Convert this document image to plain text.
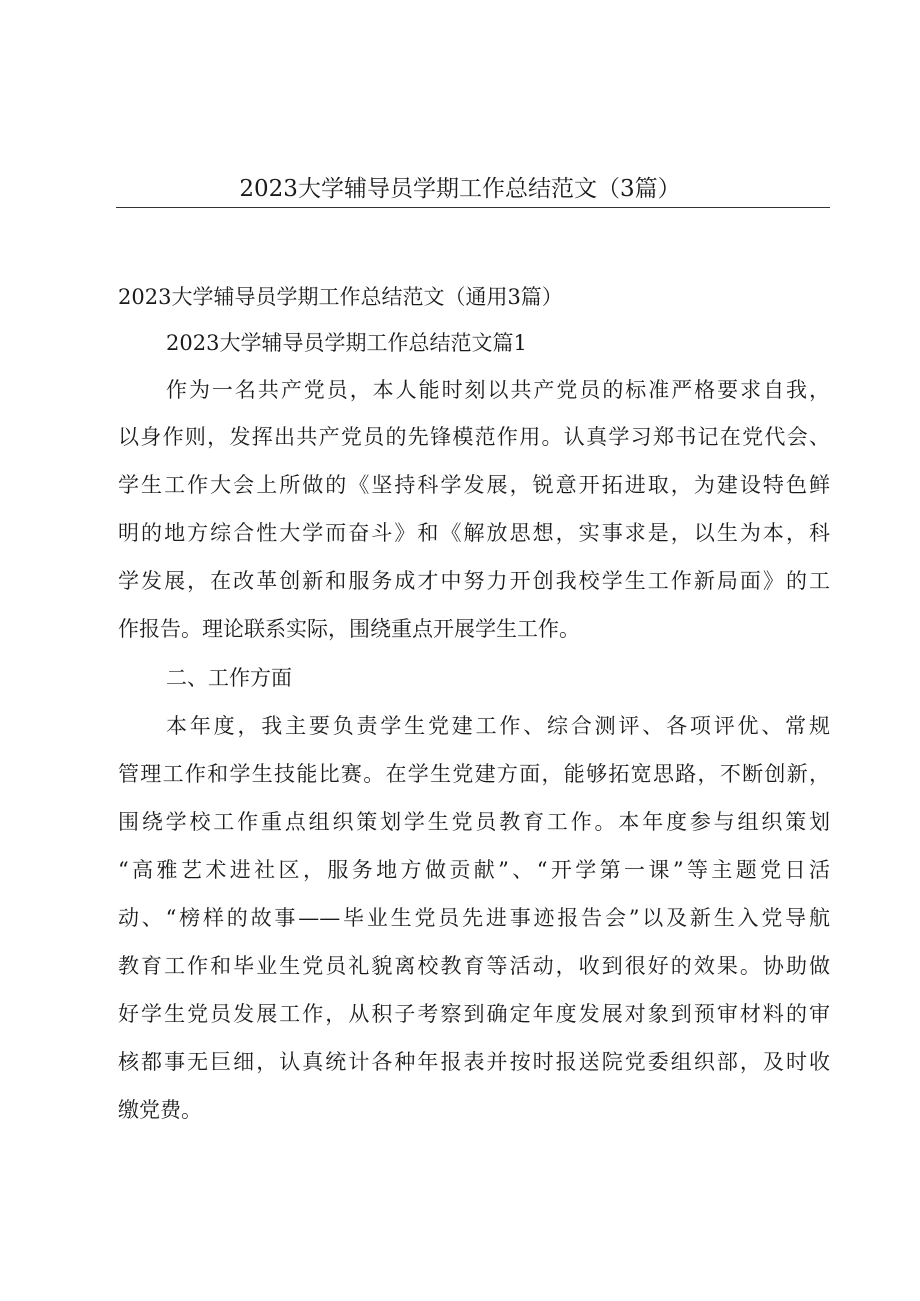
2023大学辅导员学期工作总结范文（3篇）
2023大学辅导员学期工作总结范文（通用3篇）
2023大学辅导员学期工作总结范文篇1
作为一名共产党员，本人能时刻以共产党员的标准严格要求自我，
以身作则，发挥出共产党员的先锋模范作用。认真学习郑书记在党代会、
学生工作大会上所做的《坚持科学发展，锐意开拓进取，为建设特色鲜
明的地方综合性大学而奋斗》和《解放思想，实事求是，以生为本，科
学发展，在改革创新和服务成才中努力开创我校学生工作新局面》的工
作报告。理论联系实际，围绕重点开展学生工作。
二、工作方面
本年度，我主要负责学生党建工作、综合测评、各项评优、常规
管理工作和学生技能比赛。在学生党建方面，能够拓宽思路，不断创新，
围绕学校工作重点组织策划学生党员教育工作。本年度参与组织策划
“高雅艺术进社区，服务地方做贡献”、“开学第一课”等主题党日活
动、“榜样的故事——毕业生党员先进事迹报告会”以及新生入党导航
教育工作和毕业生党员礼貌离校教育等活动，收到很好的效果。协助做
好学生党员发展工作，从积子考察到确定年度发展对象到预审材料的审
核都事无巨细，认真统计各种年报表并按时报送院党委组织部，及时收
缴党费。
